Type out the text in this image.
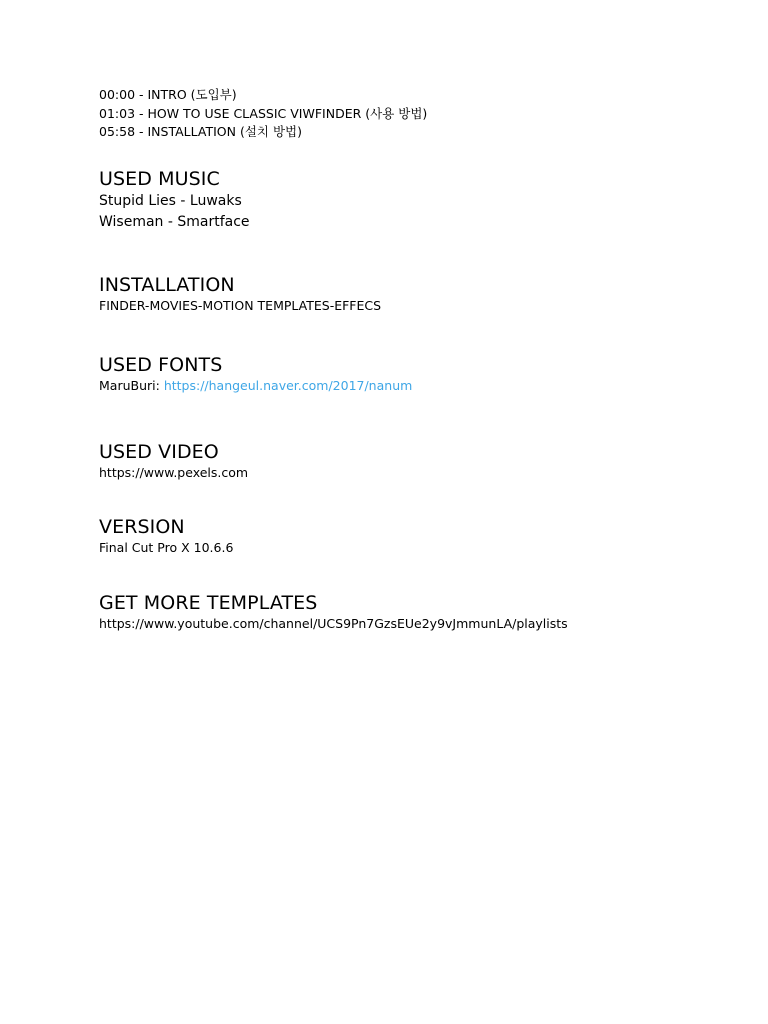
00:00 - INTRO (도입부)
01:03 - HOW TO USE CLASSIC VIWFINDER (사용 방법)
05:58 - INSTALLATION (설치 방법)
USED MUSIC
Stupid Lies - Luwaks
Wiseman - Smartface
INSTALLATION
FINDER-MOVIES-MOTION TEMPLATES-EFFECS
USED FONTS
MaruBuri: https://hangeul.naver.com/2017/nanum
USED VIDEO
https://www.pexels.com
VERSION
Final Cut Pro X 10.6.6
GET MORE TEMPLATES
https://www.youtube.com/channel/UCS9Pn7GzsEUe2y9vJmmunLA/playlists
